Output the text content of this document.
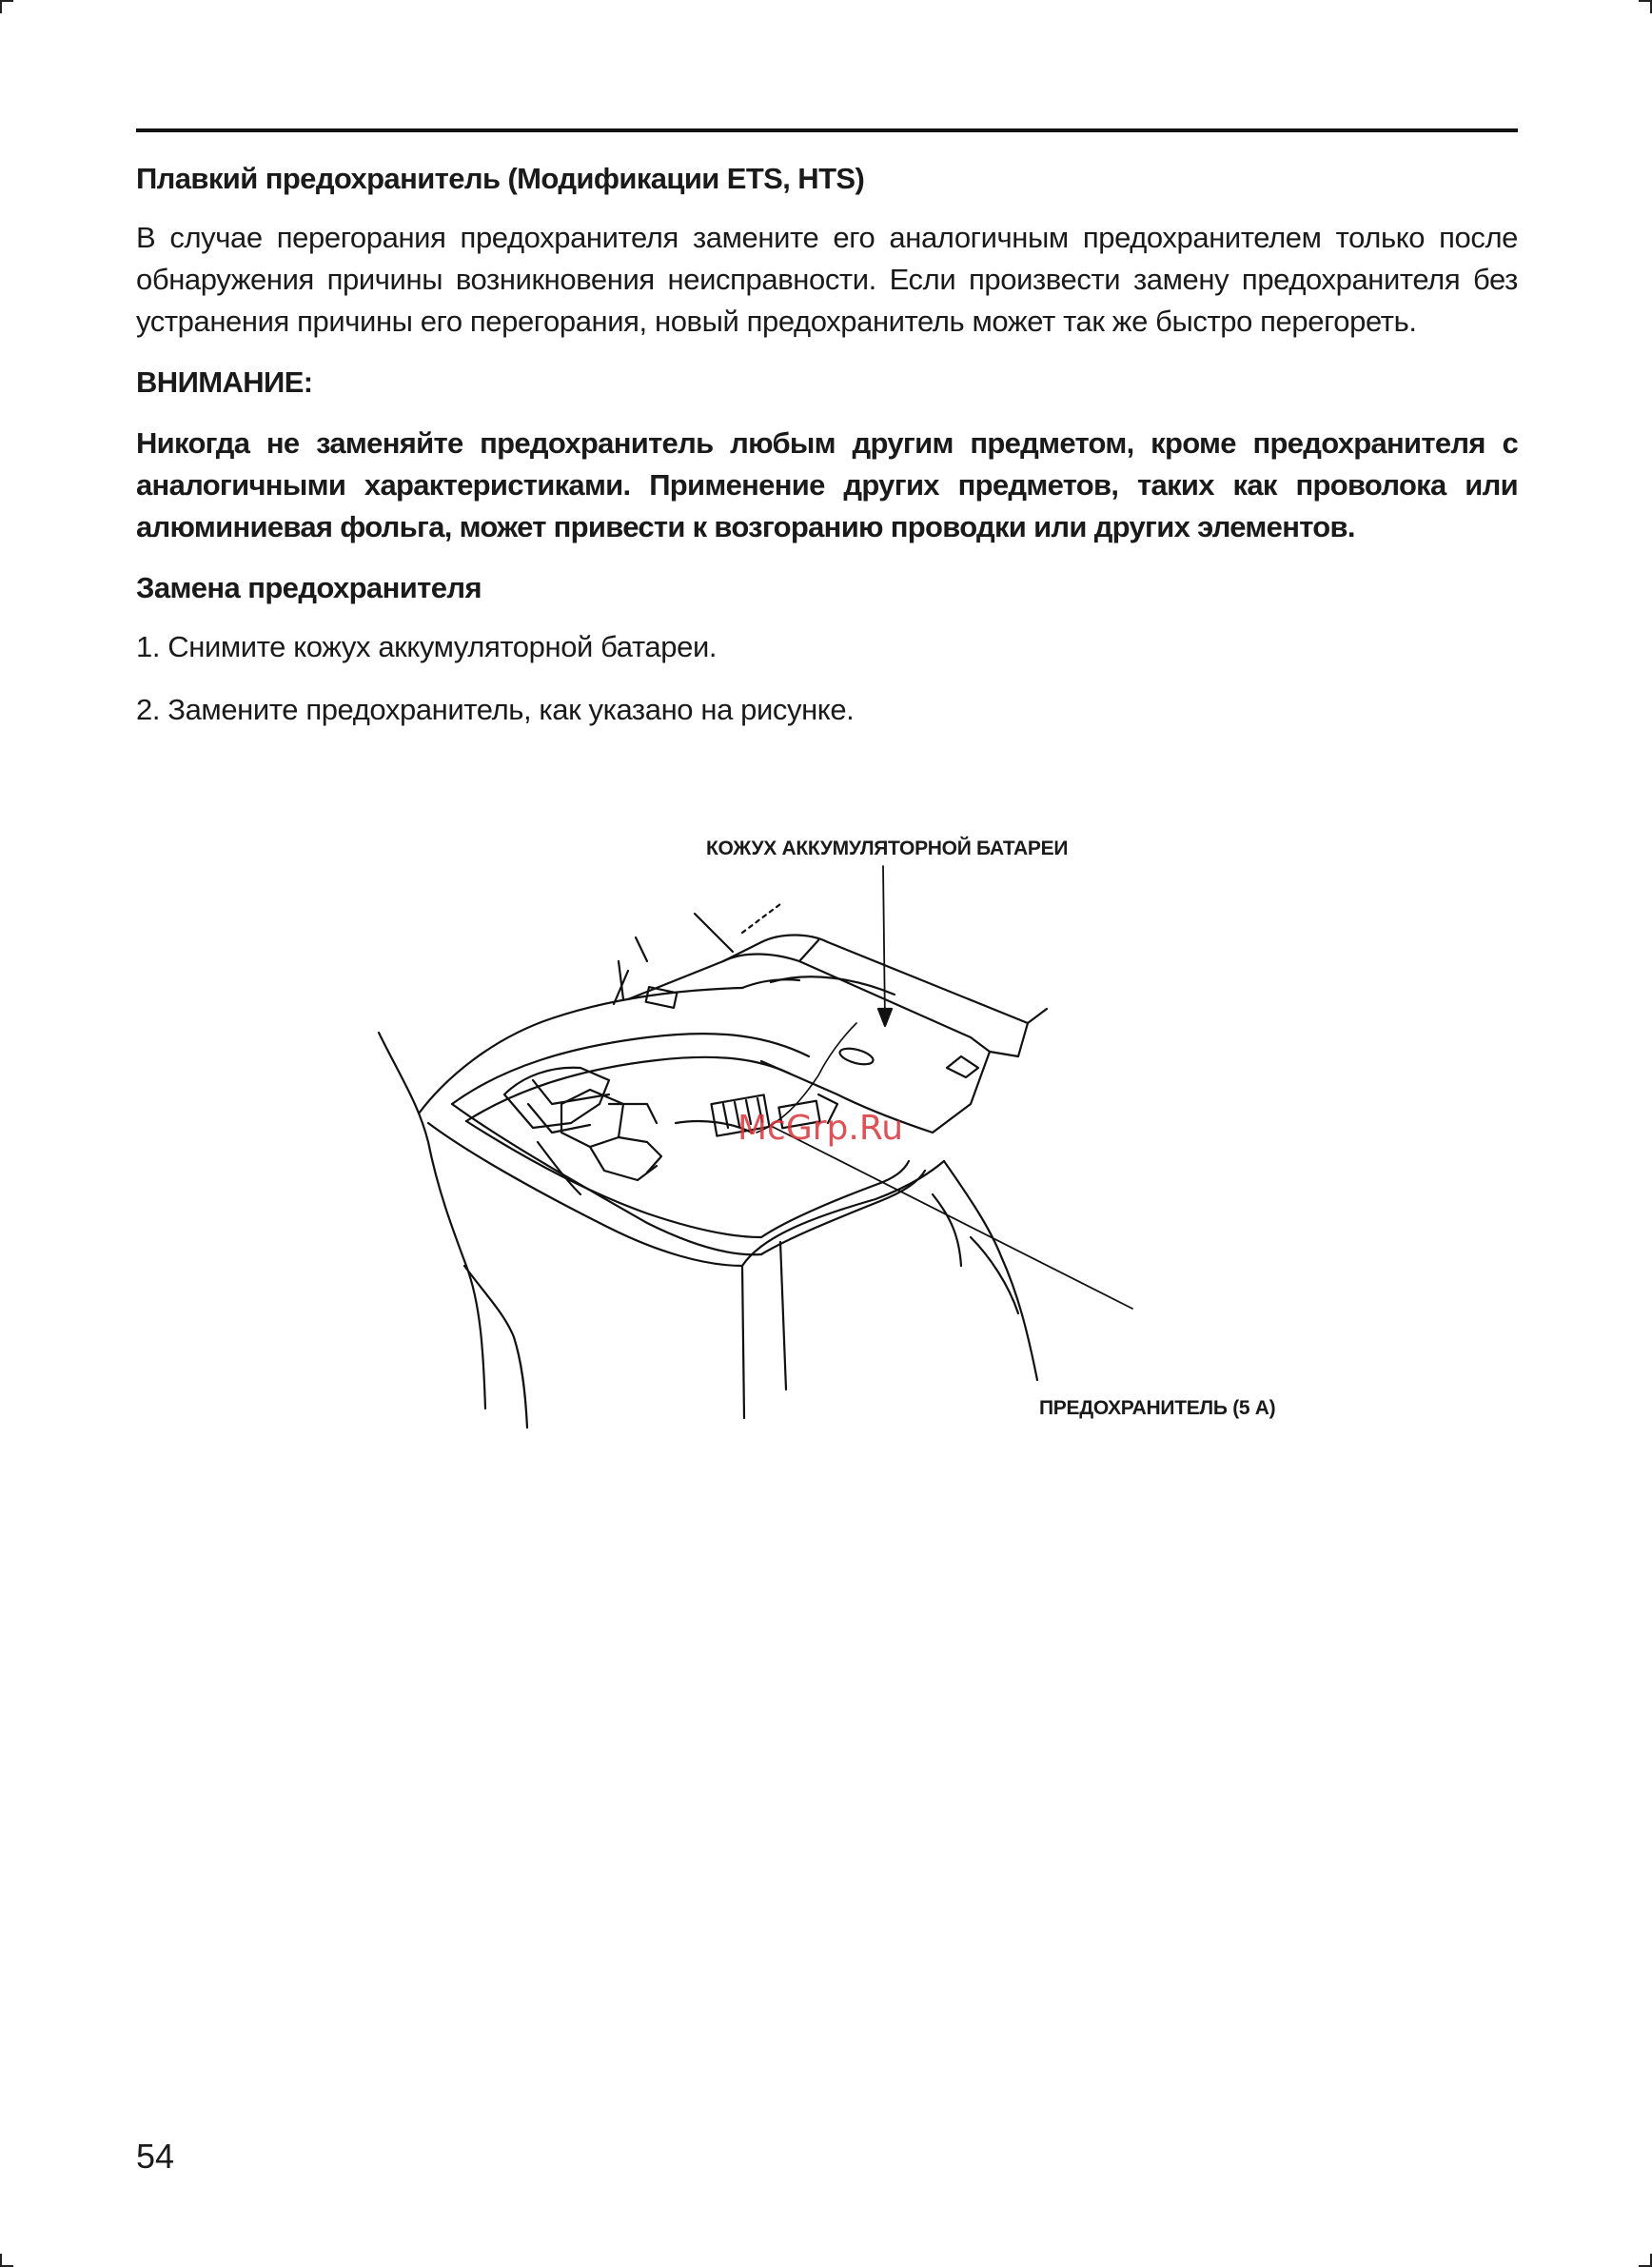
Плавкий предохранитель (Модификации ETS, HTS)

В случае перегорания предохранителя замените его аналогичным предохранителем только после обнаружения причины возникновения неисправности. Если произвести замену предохранителя без устранения причины его перегорания, новый предохранитель может так же быстро перегореть.

ВНИМАНИЕ:

Никогда не заменяйте предохранитель любым другим предметом, кроме предохранителя с аналогичными характеристиками. Применение других предметов, таких как проволока или алюминиевая фольга, может привести к возгоранию проводки или других элементов.

Замена предохранителя
1. Снимите кожух аккумуляторной батареи.
2. Замените предохранитель, как указано на рисунке.
КОЖУХ АККУМУЛЯТОРНОЙ БАТАРЕИ
ПРЕДОХРАНИТЕЛЬ (5 А)
McGrp.Ru
54
